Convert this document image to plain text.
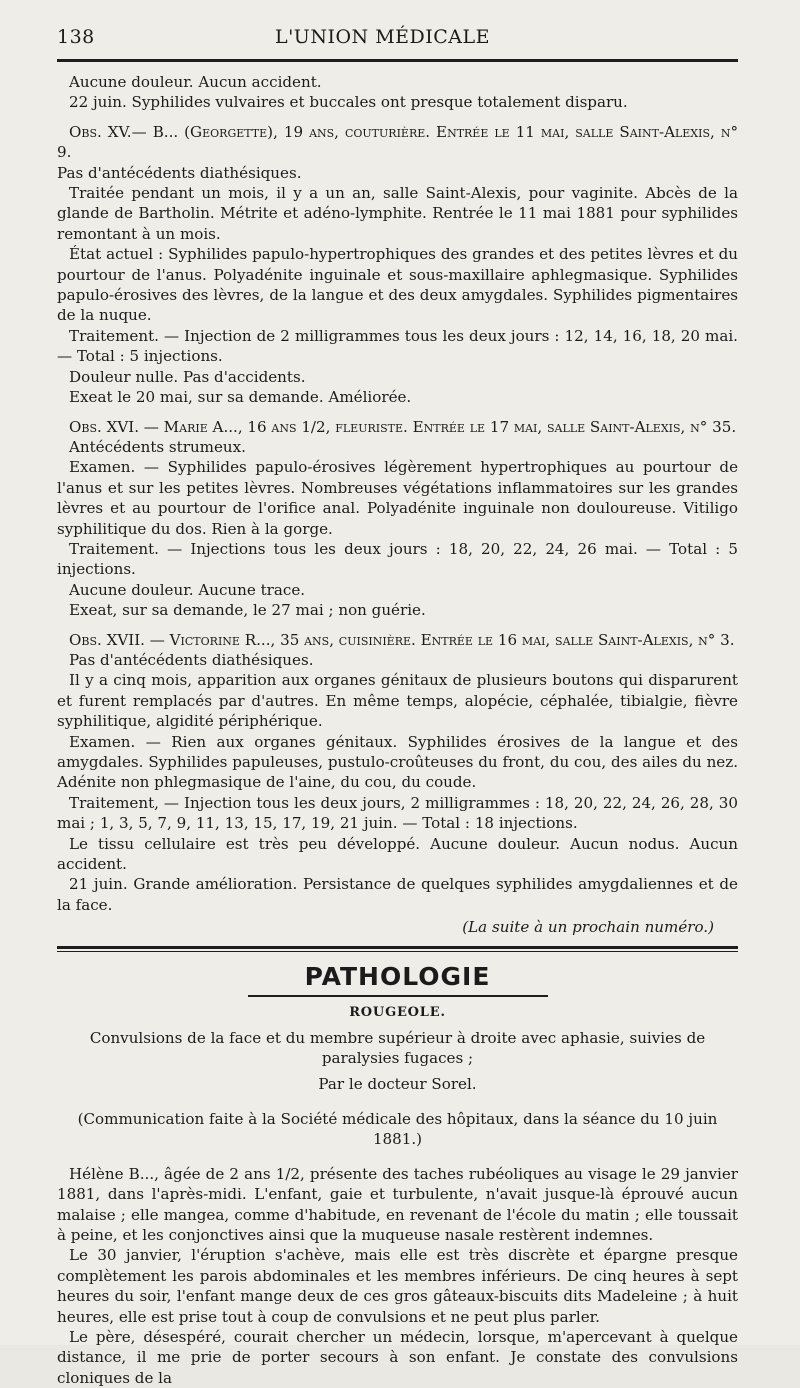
138	L'UNION MÉDICALE

Aucune douleur. Aucun accident.

22 juin. Syphilides vulvaires et buccales ont presque totalement disparu.

Obs. XV.— B... (Georgette), 19 ans, couturière. Entrée le 11 mai, salle Saint-Alexis, n° 9.

Pas d'antécédents diathésiques.

Traitée pendant un mois, il y a un an, salle Saint-Alexis, pour vaginite. Abcès de la glande de Bartholin. Métrite et adéno-lymphite. Rentrée le 11 mai 1881 pour syphilides remontant à un mois.

État actuel : Syphilides papulo-hypertrophiques des grandes et des petites lèvres et du pourtour de l'anus. Polyadénite inguinale et sous-maxillaire aphlegmasique. Syphilides papulo-érosives des lèvres, de la langue et des deux amygdales. Syphilides pigmentaires de la nuque.

Traitement. — Injection de 2 milligrammes tous les deux jours : 12, 14, 16, 18, 20 mai. — Total : 5 injections.

Douleur nulle. Pas d'accidents.

Exeat le 20 mai, sur sa demande. Améliorée.

Obs. XVI. — Marie A..., 16 ans 1/2, fleuriste. Entrée le 17 mai, salle Saint-Alexis, n° 35.

Antécédents strumeux.

Examen. — Syphilides papulo-érosives légèrement hypertrophiques au pourtour de l'anus et sur les petites lèvres. Nombreuses végétations inflammatoires sur les grandes lèvres et au pourtour de l'orifice anal. Polyadénite inguinale non douloureuse. Vitiligo syphilitique du dos. Rien à la gorge.

Traitement. — Injections tous les deux jours : 18, 20, 22, 24, 26 mai. — Total : 5 injections.

Aucune douleur. Aucune trace.

Exeat, sur sa demande, le 27 mai ; non guérie.

Obs. XVII. — Victorine R..., 35 ans, cuisinière. Entrée le 16 mai, salle Saint-Alexis, n° 3.

Pas d'antécédents diathésiques.

Il y a cinq mois, apparition aux organes génitaux de plusieurs boutons qui disparurent et furent remplacés par d'autres. En même temps, alopécie, céphalée, tibialgie, fièvre syphilitique, algidité périphérique.

Examen. — Rien aux organes génitaux. Syphilides érosives de la langue et des amygdales. Syphilides papuleuses, pustulo-croûteuses du front, du cou, des ailes du nez. Adénite non phlegmasique de l'aine, du cou, du coude.

Traitement, — Injection tous les deux jours, 2 milligrammes : 18, 20, 22, 24, 26, 28, 30 mai ; 1, 3, 5, 7, 9, 11, 13, 15, 17, 19, 21 juin. — Total : 18 injections.

Le tissu cellulaire est très peu développé. Aucune douleur. Aucun nodus. Aucun accident.

21 juin. Grande amélioration. Persistance de quelques syphilides amygdaliennes et de la face.

(La suite à un prochain numéro.)

PATHOLOGIE
ROUGEOLE.

Convulsions de la face et du membre supérieur à droite avec aphasie, suivies de paralysies fugaces ;

Par le docteur Sorel.

(Communication faite à la Société médicale des hôpitaux, dans la séance du 10 juin 1881.)

Hélène B..., âgée de 2 ans 1/2, présente des taches rubéoliques au visage le 29 janvier 1881, dans l'après-midi. L'enfant, gaie et turbulente, n'avait jusque-là éprouvé aucun malaise ; elle mangea, comme d'habitude, en revenant de l'école du matin ; elle toussait à peine, et les conjonctives ainsi que la muqueuse nasale restèrent indemnes.

Le 30 janvier, l'éruption s'achève, mais elle est très discrète et épargne presque complètement les parois abdominales et les membres inférieurs. De cinq heures à sept heures du soir, l'enfant mange deux de ces gros gâteaux-biscuits dits Madeleine ; à huit heures, elle est prise tout à coup de convulsions et ne peut plus parler.

Le père, désespéré, courait chercher un médecin, lorsque, m'apercevant à quelque distance, il me prie de porter secours à son enfant. Je constate des convulsions cloniques de la
